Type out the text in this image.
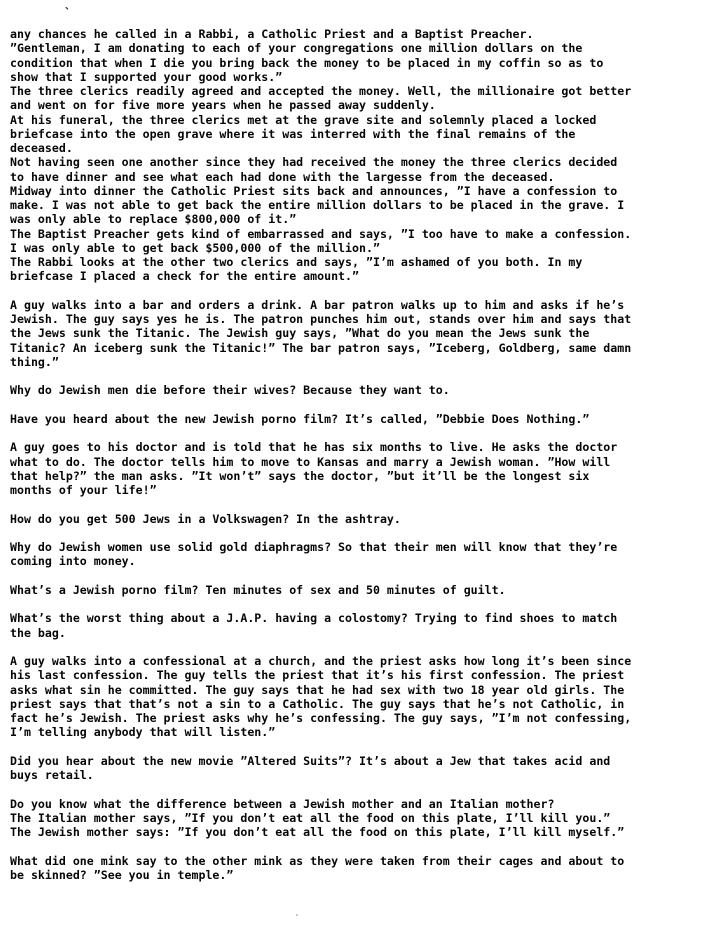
`
any chances he called in a Rabbi, a Catholic Priest and a Baptist Preacher.
”Gentleman, I am donating to each of your congregations one million dollars on the
condition that when I die you bring back the money to be placed in my coffin so as to
show that I supported your good works.”
The three clerics readily agreed and accepted the money. Well, the millionaire got better
and went on for five more years when he passed away suddenly.
At his funeral, the three clerics met at the grave site and solemnly placed a locked
briefcase into the open grave where it was interred with the final remains of the
deceased.
Not having seen one another since they had received the money the three clerics decided
to have dinner and see what each had done with the largesse from the deceased.
Midway into dinner the Catholic Priest sits back and announces, ”I have a confession to
make. I was not able to get back the entire million dollars to be placed in the grave. I
was only able to replace $800,000 of it.”
The Baptist Preacher gets kind of embarrassed and says, ”I too have to make a confession.
I was only able to get back $500,000 of the million.”
The Rabbi looks at the other two clerics and says, ”I’m ashamed of you both. In my
briefcase I placed a check for the entire amount.”

A guy walks into a bar and orders a drink. A bar patron walks up to him and asks if he’s
Jewish. The guy says yes he is. The patron punches him out, stands over him and says that
the Jews sunk the Titanic. The Jewish guy says, ”What do you mean the Jews sunk the
Titanic? An iceberg sunk the Titanic!” The bar patron says, ”Iceberg, Goldberg, same damn
thing.”

Why do Jewish men die before their wives? Because they want to.

Have you heard about the new Jewish porno film? It’s called, ”Debbie Does Nothing.”

A guy goes to his doctor and is told that he has six months to live. He asks the doctor
what to do. The doctor tells him to move to Kansas and marry a Jewish woman. ”How will
that help?” the man asks. ”It won’t” says the doctor, ”but it’ll be the longest six
months of your life!”

How do you get 500 Jews in a Volkswagen? In the ashtray.

Why do Jewish women use solid gold diaphragms? So that their men will know that they’re
coming into money.

What’s a Jewish porno film? Ten minutes of sex and 50 minutes of guilt.

What’s the worst thing about a J.A.P. having a colostomy? Trying to find shoes to match
the bag.

A guy walks into a confessional at a church, and the priest asks how long it’s been since
his last confession. The guy tells the priest that it’s his first confession. The priest
asks what sin he committed. The guy says that he had sex with two 18 year old girls. The
priest says that that’s not a sin to a Catholic. The guy says that he’s not Catholic, in
fact he’s Jewish. The priest asks why he’s confessing. The guy says, ”I’m not confessing,
I’m telling anybody that will listen.”

Did you hear about the new movie ”Altered Suits”? It’s about a Jew that takes acid and
buys retail.

Do you know what the difference between a Jewish mother and an Italian mother?
The Italian mother says, ”If you don’t eat all the food on this plate, I’ll kill you.”
The Jewish mother says: ”If you don’t eat all the food on this plate, I’ll kill myself.”

What did one mink say to the other mink as they were taken from their cages and about to
be skinned? ”See you in temple.”
